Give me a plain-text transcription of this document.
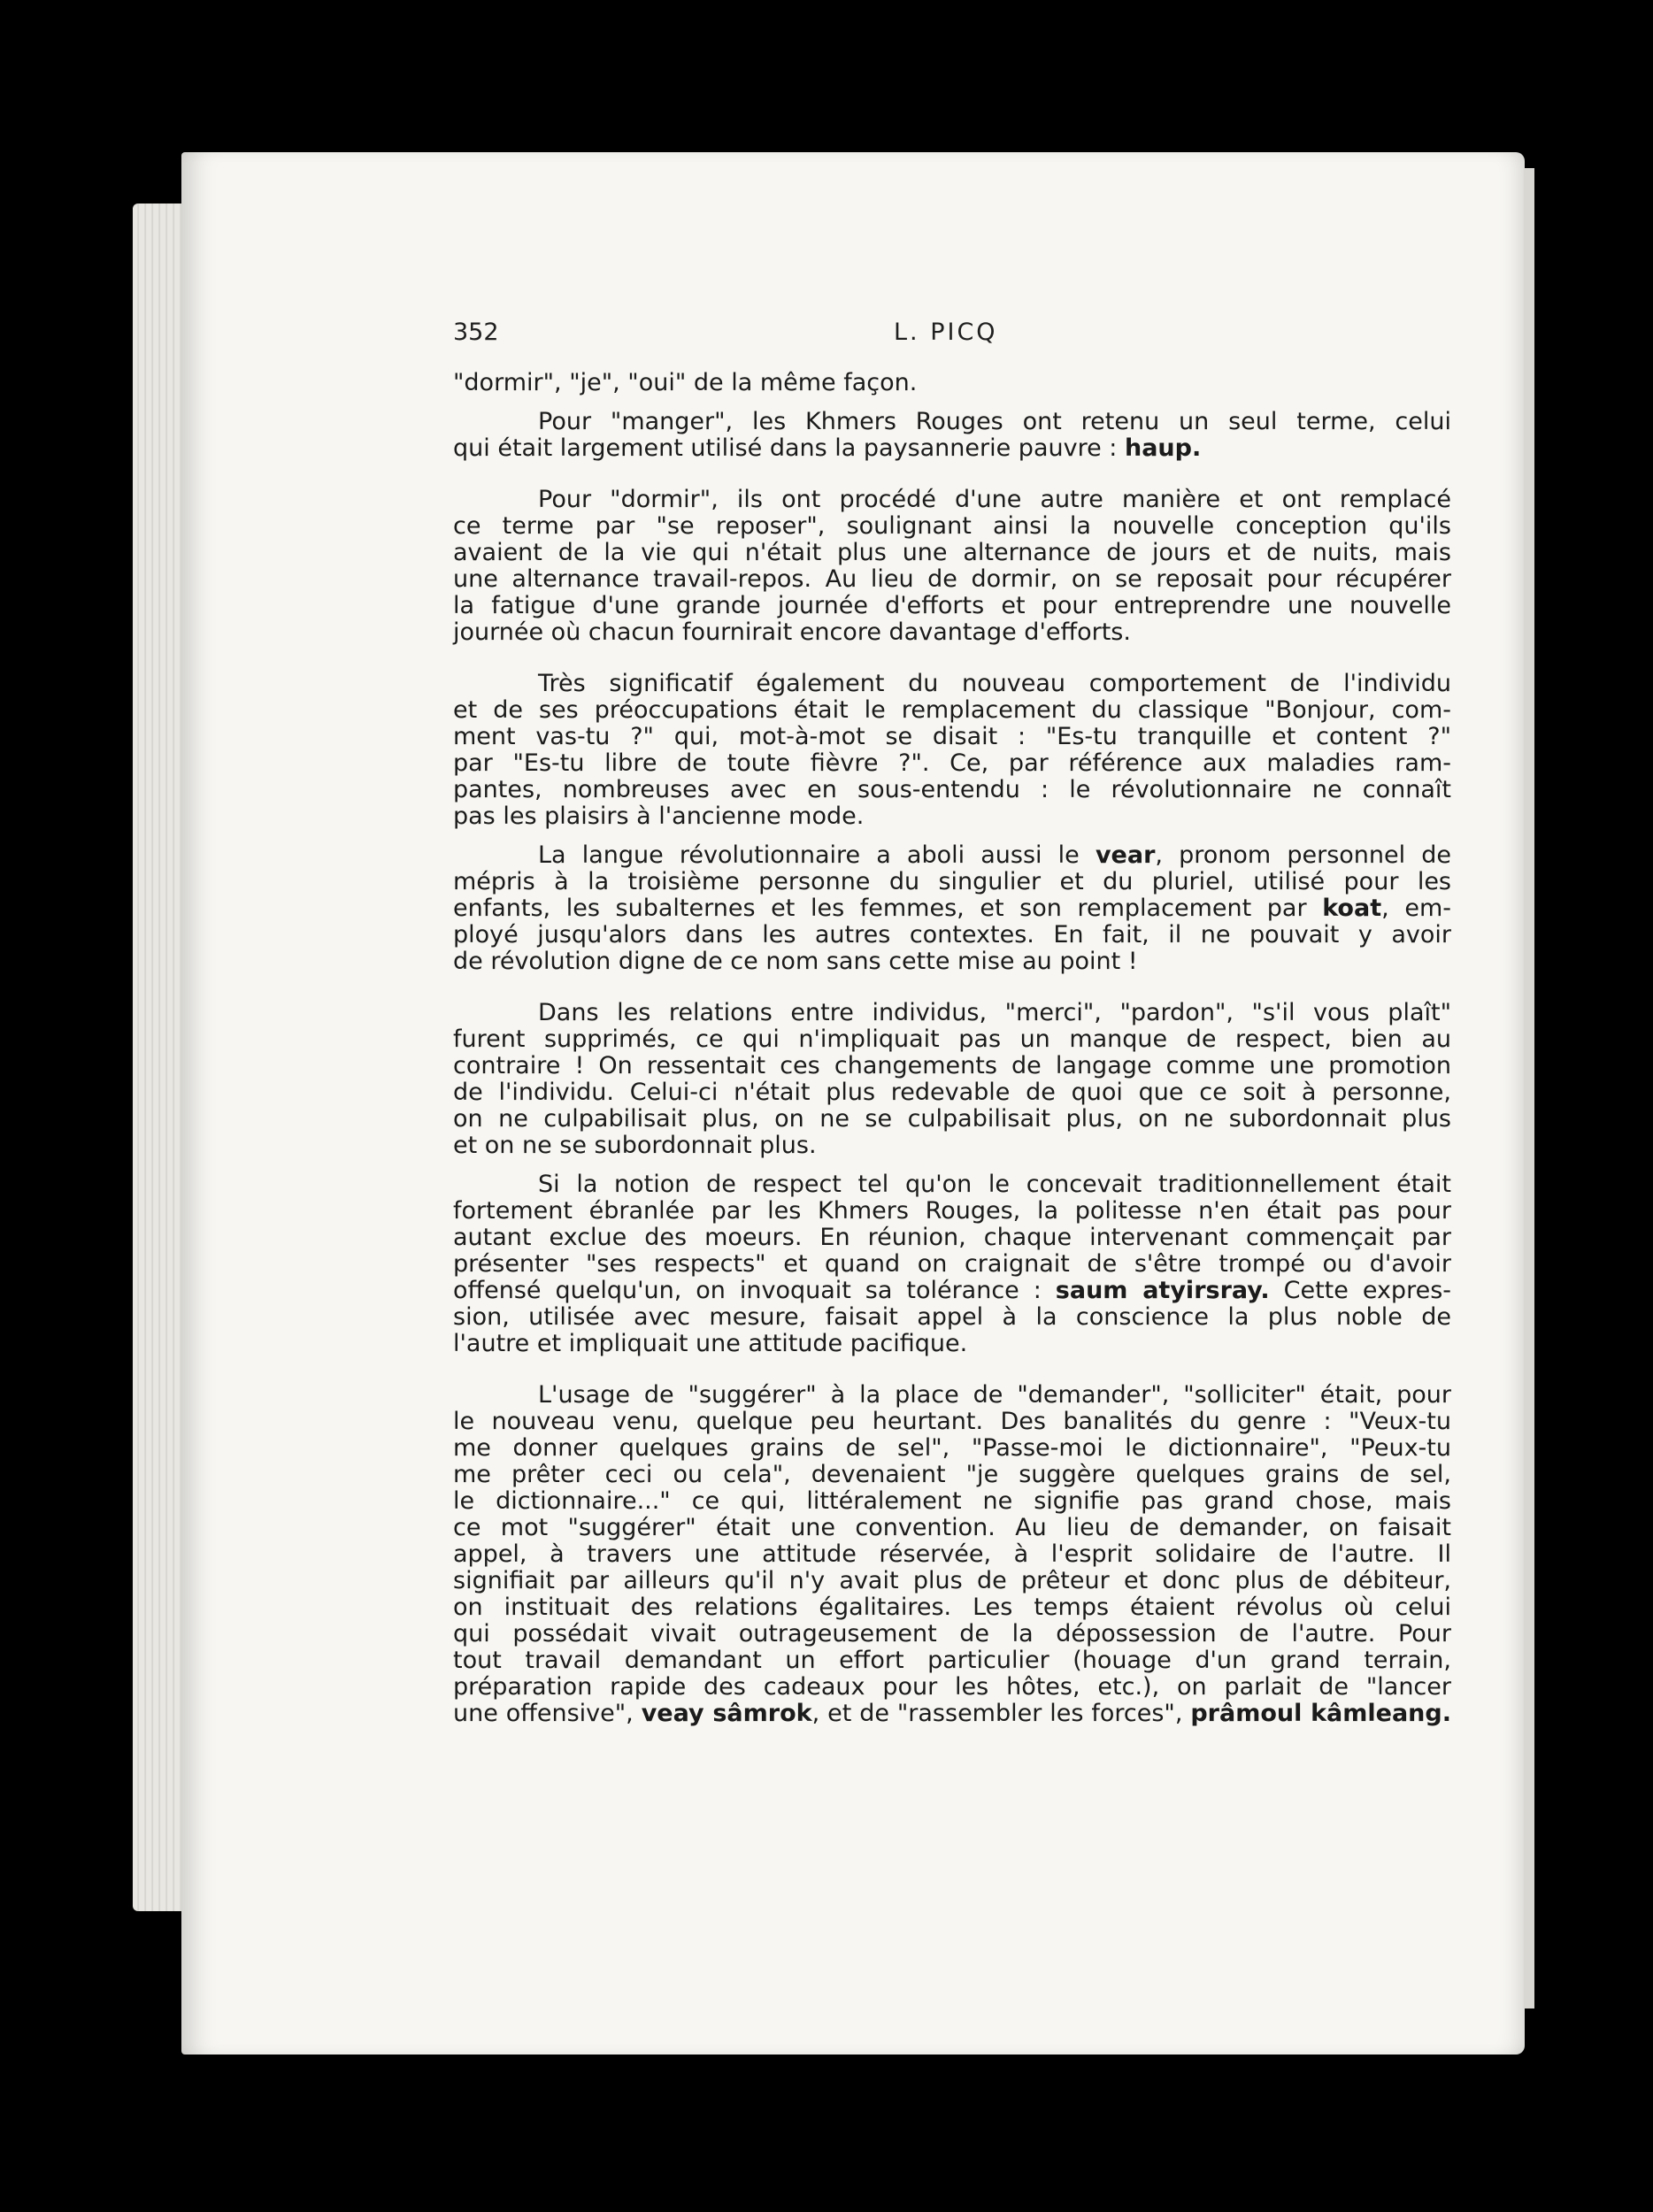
352	L. PICQ

"dormir", "je", "oui" de la même façon.

Pour "manger", les Khmers Rouges ont retenu un seul terme, celui
qui était largement utilisé dans la paysannerie pauvre : haup.

Pour "dormir", ils ont procédé d'une autre manière et ont remplacé
ce terme par "se reposer", soulignant ainsi la nouvelle conception qu'ils
avaient de la vie qui n'était plus une alternance de jours et de nuits, mais
une alternance travail-repos. Au lieu de dormir, on se reposait pour récupérer
la fatigue d'une grande journée d'efforts et pour entreprendre une nouvelle
journée où chacun fournirait encore davantage d'efforts.

Très significatif également du nouveau comportement de l'individu
et de ses préoccupations était le remplacement du classique "Bonjour, com-
ment vas-tu ?" qui, mot-à-mot se disait : "Es-tu tranquille et content ?"
par "Es-tu libre de toute fièvre ?". Ce, par référence aux maladies ram-
pantes, nombreuses avec en sous-entendu : le révolutionnaire ne connaît
pas les plaisirs à l'ancienne mode.

La langue révolutionnaire a aboli aussi le vear, pronom personnel de
mépris à la troisième personne du singulier et du pluriel, utilisé pour les
enfants, les subalternes et les femmes, et son remplacement par koat, em-
ployé jusqu'alors dans les autres contextes. En fait, il ne pouvait y avoir
de révolution digne de ce nom sans cette mise au point !

Dans les relations entre individus, "merci", "pardon", "s'il vous plaît"
furent supprimés, ce qui n'impliquait pas un manque de respect, bien au
contraire ! On ressentait ces changements de langage comme une promotion
de l'individu. Celui-ci n'était plus redevable de quoi que ce soit à personne,
on ne culpabilisait plus, on ne se culpabilisait plus, on ne subordonnait plus
et on ne se subordonnait plus.

Si la notion de respect tel qu'on le concevait traditionnellement était
fortement ébranlée par les Khmers Rouges, la politesse n'en était pas pour
autant exclue des moeurs. En réunion, chaque intervenant commençait par
présenter "ses respects" et quand on craignait de s'être trompé ou d'avoir
offensé quelqu'un, on invoquait sa tolérance : saum atyirsray. Cette expres-
sion, utilisée avec mesure, faisait appel à la conscience la plus noble de
l'autre et impliquait une attitude pacifique.

L'usage de "suggérer" à la place de "demander", "solliciter" était, pour
le nouveau venu, quelque peu heurtant. Des banalités du genre : "Veux-tu
me donner quelques grains de sel", "Passe-moi le dictionnaire", "Peux-tu
me prêter ceci ou cela", devenaient "je suggère quelques grains de sel,
le dictionnaire..." ce qui, littéralement ne signifie pas grand chose, mais
ce mot "suggérer" était une convention. Au lieu de demander, on faisait
appel, à travers une attitude réservée, à l'esprit solidaire de l'autre. Il
signifiait par ailleurs qu'il n'y avait plus de prêteur et donc plus de débiteur,
on instituait des relations égalitaires. Les temps étaient révolus où celui
qui possédait vivait outrageusement de la dépossession de l'autre. Pour
tout travail demandant un effort particulier (houage d'un grand terrain,
préparation rapide des cadeaux pour les hôtes, etc.), on parlait de "lancer
une offensive", veay sâmrok, et de "rassembler les forces", prâmoul kâmleang.
